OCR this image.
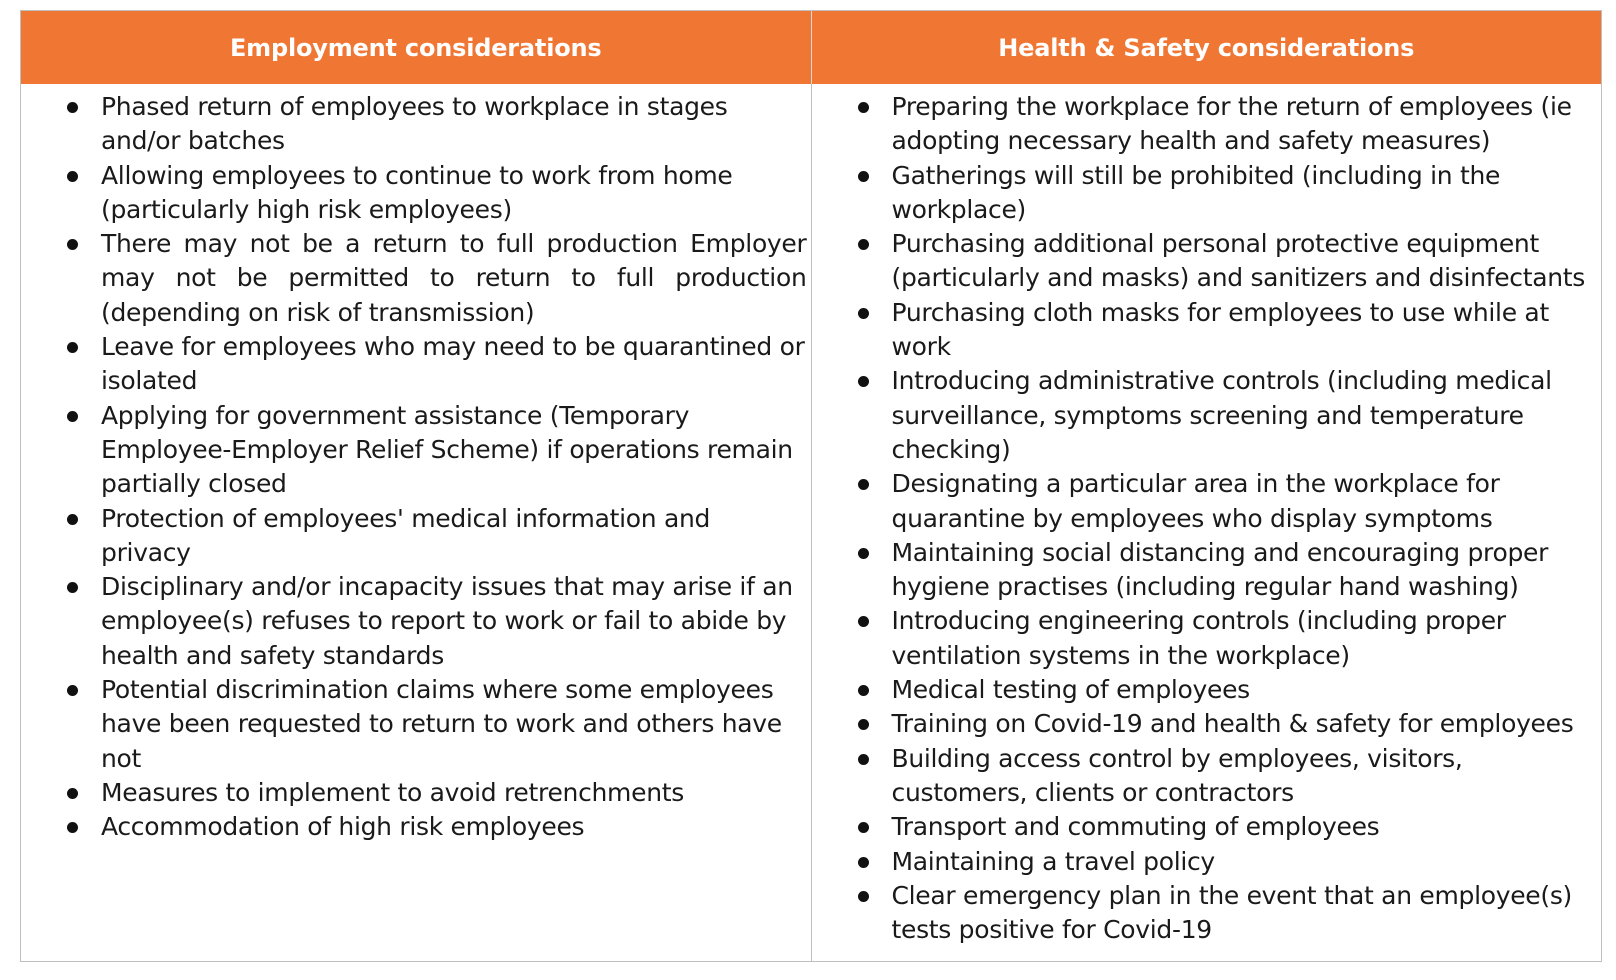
Employment considerations	Health & Safety considerations
Phased return of employees to workplace in stages and/or batches
Allowing employees to continue to work from home (particularly high risk employees)
There may not be a return to full production Employer may not be permitted to return to full production (depending on risk of transmission)
Leave for employees who may need to be quarantined or isolated
Applying for government assistance (Temporary Employee-Employer Relief Scheme) if operations remain partially closed
Protection of employees' medical information and privacy
Disciplinary and/or incapacity issues that may arise if an employee(s) refuses to report to work or fail to abide by health and safety standards
Potential discrimination claims where some employees have been requested to return to work and others have not
Measures to implement to avoid retrenchments
Accommodation of high risk employees
Preparing the workplace for the return of employees (ie adopting necessary health and safety measures)
Gatherings will still be prohibited (including in the workplace)
Purchasing additional personal protective equipment (particularly and masks) and sanitizers and disinfectants
Purchasing cloth masks for employees to use while at work
Introducing administrative controls (including medical surveillance, symptoms screening and temperature checking)
Designating a particular area in the workplace for quarantine by employees who display symptoms
Maintaining social distancing and encouraging proper hygiene practises (including regular hand washing)
Introducing engineering controls (including proper ventilation systems in the workplace)
Medical testing of employees
Training on Covid-19 and health & safety for employees
Building access control by employees, visitors, customers, clients or contractors
Transport and commuting of employees
Maintaining a travel policy
Clear emergency plan in the event that an employee(s) tests positive for Covid-19
